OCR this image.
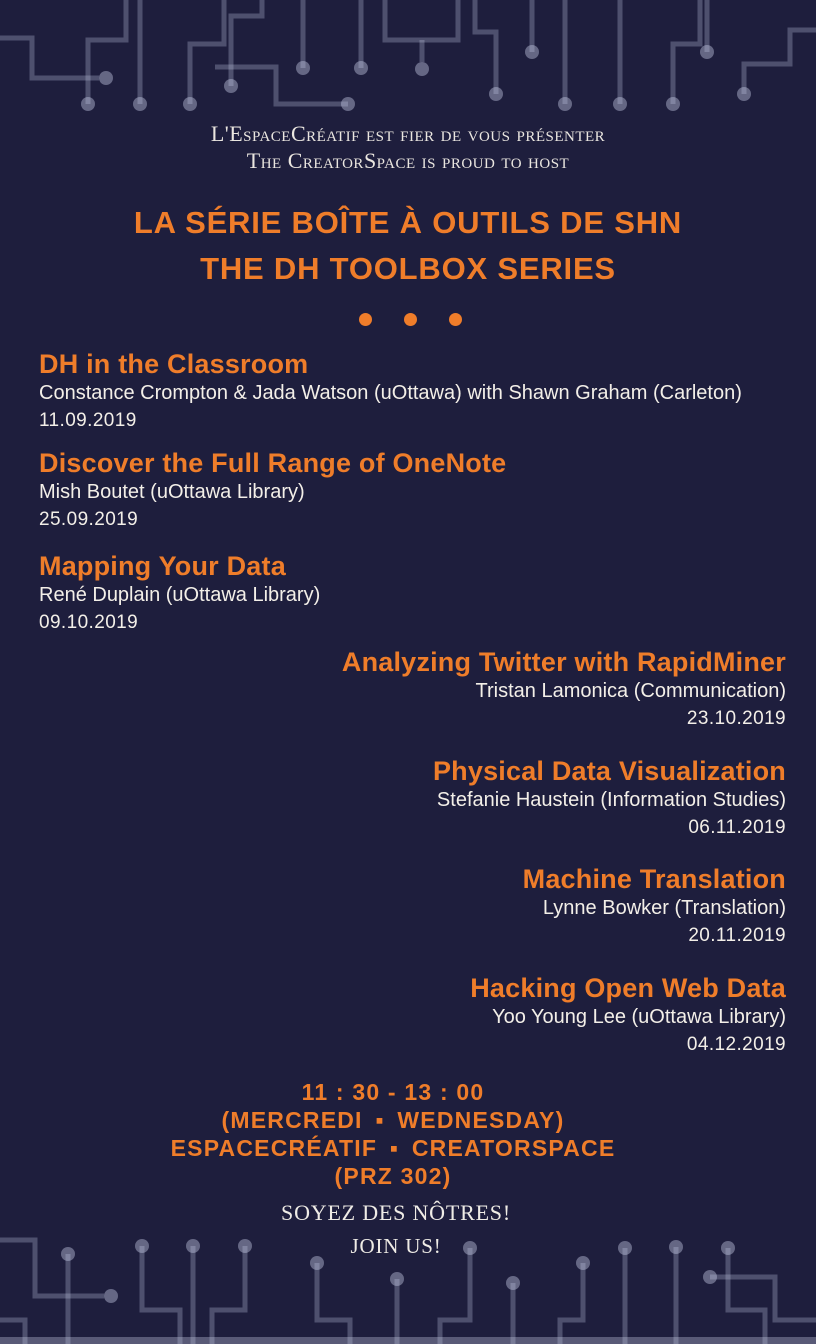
L'EspaceCréatif est fier de vous présenter

The CreatorSpace is proud to host

LA SÉRIE BOÎTE À OUTILS DE SHN
THE DH TOOLBOX SERIES
DH in the Classroom

Constance Crompton & Jada Watson (uOttawa) with Shawn Graham (Carleton)

11.09.2019

Discover the Full Range of OneNote

Mish Boutet (uOttawa Library)

25.09.2019

Mapping Your Data

René Duplain (uOttawa Library)

09.10.2019

Analyzing Twitter with RapidMiner

Tristan Lamonica (Communication)

23.10.2019

Physical Data Visualization

Stefanie Haustein (Information Studies)

06.11.2019

Machine Translation

Lynne Bowker (Translation)

20.11.2019

Hacking Open Web Data

Yoo Young Lee (uOttawa Library)

04.12.2019

11 : 30 - 13 : 00

(MERCREDI ▪ WEDNESDAY)

ESPACECRÉATIF ▪ CREATORSPACE

(PRZ 302)

SOYEZ DES NÔTRES!

JOIN US!
